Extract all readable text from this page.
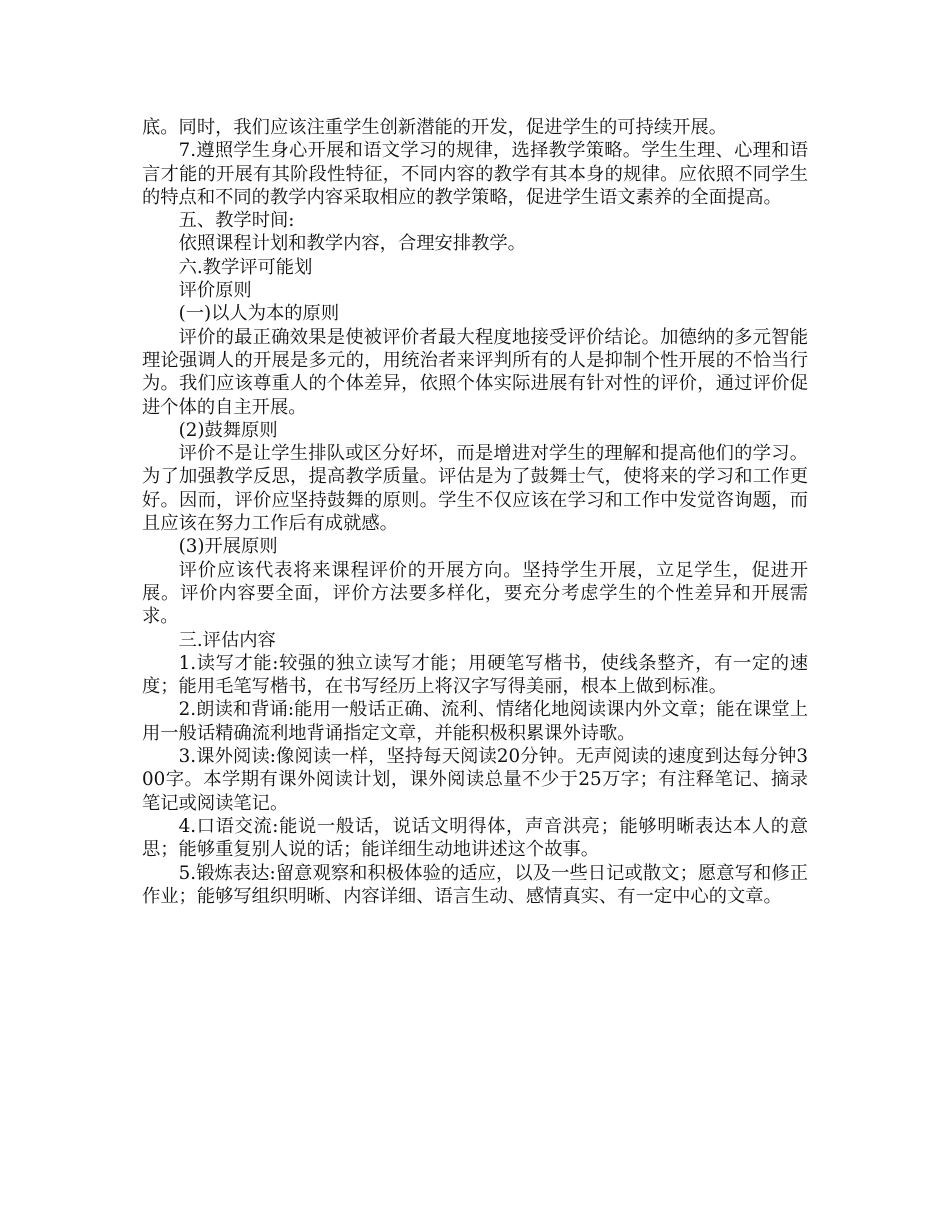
底。同时，我们应该注重学生创新潜能的开发，促进学生的可持续开展。

7.遵照学生身心开展和语文学习的规律，选择教学策略。学生生理、心理和语言才能的开展有其阶段性特征，不同内容的教学有其本身的规律。应依照不同学生的特点和不同的教学内容采取相应的教学策略，促进学生语文素养的全面提高。

五、教学时间:

依照课程计划和教学内容，合理安排教学。

六.教学评可能划

评价原则

(一)以人为本的原则

评价的最正确效果是使被评价者最大程度地接受评价结论。加德纳的多元智能理论强调人的开展是多元的，用统治者来评判所有的人是抑制个性开展的不恰当行为。我们应该尊重人的个体差异，依照个体实际进展有针对性的评价，通过评价促进个体的自主开展。

(2)鼓舞原则

评价不是让学生排队或区分好坏，而是增进对学生的理解和提高他们的学习。为了加强教学反思，提高教学质量。评估是为了鼓舞士气，使将来的学习和工作更好。因而，评价应坚持鼓舞的原则。学生不仅应该在学习和工作中发觉咨询题，而且应该在努力工作后有成就感。

(3)开展原则

评价应该代表将来课程评价的开展方向。坚持学生开展，立足学生，促进开展。评价内容要全面，评价方法要多样化，要充分考虑学生的个性差异和开展需求。

三.评估内容

1.读写才能:较强的独立读写才能；用硬笔写楷书，使线条整齐，有一定的速度；能用毛笔写楷书，在书写经历上将汉字写得美丽，根本上做到标准。

2.朗读和背诵:能用一般话正确、流利、情绪化地阅读课内外文章；能在课堂上用一般话精确流利地背诵指定文章，并能积极积累课外诗歌。

3.课外阅读:像阅读一样，坚持每天阅读20分钟。无声阅读的速度到达每分钟300字。本学期有课外阅读计划，课外阅读总量不少于25万字；有注释笔记、摘录笔记或阅读笔记。

4.口语交流:能说一般话，说话文明得体，声音洪亮；能够明晰表达本人的意思；能够重复别人说的话；能详细生动地讲述这个故事。

5.锻炼表达:留意观察和积极体验的适应，以及一些日记或散文；愿意写和修正作业；能够写组织明晰、内容详细、语言生动、感情真实、有一定中心的文章。
